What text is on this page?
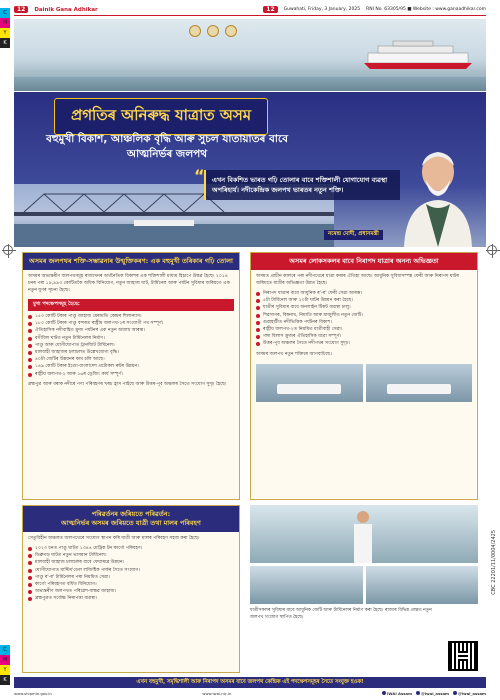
C
M
Y
K
C
M
Y
K
12	Dainik Gana Adhikar	12	Guwahati, Friday, 3 January, 2025 RNI No. 63305/95 ■ Website : www.ganaadhikar.com
প্ৰগতিৰ অনিৰুদ্ধ যাত্ৰাত অসম
বহুমুখী বিকাশ, আঞ্চলিক বৃদ্ধি আৰু সুচল যাতায়াতৰ বাবে আত্মনিৰ্ভৰ জলপথ
“ এখন বিকশিত ভাৰত গঢ়ি তোলাৰ বাবে শক্তিশালী যোগাযোগ ব্যৱস্থা অপৰিহাৰ্য। নদীকেন্দ্ৰিক জলপথ ভাৰতৰ নতুন শক্তি।

নৰেন্দ্ৰ মোদী, প্ৰধানমন্ত্ৰী
অসমৰ জলপথৰ শক্তি-সম্ভাৱনাৰ উন্মুক্তিকৰণ: এক বহুমুখী তৰিকাৰ গঢ়ি তোলা
অসমৰ অভ্যন্তৰীণ জলপথসমূহ ৰাজ্যখনৰ অৰ্থনৈতিক বিকাশৰ এক শক্তিশালী মাধ্যম হিচাপে উদ্ভৱ হৈছে। ২০১৪ চনৰ পৰা ১৯,৯৯৩ কোটিতকৈ অধিক বিনিয়োগ, নতুন জাহাজ ঘাট, টাৰ্মিনেল আৰু পৰ্যটন সুবিধাৰ জৰিয়তে এক নতুন যুগৰ সূচনা হৈছে।
মুখ্য পদক্ষেপসমূহ হৈছে:
১৫৩ কোটি টকাৰ পাণ্ডু জাহাজ মেৰামতি কেন্দ্ৰৰ শিলান্যাস।
১৮০ কোটি টকাৰ পাণ্ডু বন্দৰত ৰাষ্ট্ৰীয় জলপথ-২ৰ সংযোগী পথ সম্পূৰ্ণ।
ঐতিহাসিক নদীবাহিত ক্ৰুজ পৰ্যটনৰ এক নতুন অধ্যায় আৰম্ভ।
বগীবিল ঘাটত নতুন টাৰ্মিনেলৰ নিৰ্মাণ।
পাণ্ডু আৰু যোগীঘোপাত ট্ৰানজিট টাৰ্মিনেল।
মালবাহী জাহাজৰ চলাচলত উল্লেখযোগ্য বৃদ্ধি।
৪০টা জেটিৰ উন্নয়নৰ কাম চলি আছে।
১৪৯ কোটি টকাৰ ইণ্ডো-বাংলাদেশ প্ৰটোকল ৰুটৰ উন্নয়ন।
ৰাষ্ট্ৰীয় জলপথ-২ আৰু ১৬ৰ ড্ৰেজিং কাৰ্য সম্পূৰ্ণ।
ব্ৰহ্মপুত্ৰ আৰু বৰাক নদীৰে পণ্য পৰিবহণৰ খৰচ হ্ৰাস পাইছে আৰু উত্তৰ-পূব অঞ্চলৰ সৈতে সংযোগ সুদৃঢ় হৈছে।
অসমৰ লোকসকলৰ বাবে নিৰাপদ যাত্ৰাৰ অনন্য অভিজ্ঞতা
অসমত প্ৰাচীন কালৰে পৰা নদীপথেৰে যাত্ৰা কৰাৰ ঐতিহ্য আছে। আধুনিক সুবিধাসম্পন্ন ফেৰী আৰু নিৰাপদ ঘাটৰ জৰিয়তে যাত্ৰীৰ অভিজ্ঞতা উন্নত হৈছে।
নিৰাপদ যাত্ৰাৰ বাবে আধুনিক ৰ'-ৰ' ফেৰী সেৱা আৰম্ভ।
৫টা টাৰ্মিনেল আৰু ২০টা ঘাটৰ উন্নয়ন কৰা হৈছে।
যাত্ৰীৰ সুবিধাৰ বাবে অনলাইন টিকট ব্যৱস্থা চালু।
শিৱসাগৰ, বিশ্বনাথ, নিমাতি আৰু মাজুলীত নতুন জেটি।
গুৱাহাটীত নদীভিত্তিক পৰ্যটনৰ বিকাশ।
ৰাষ্ট্ৰীয় জলপথ-২ত নিয়মিত যাত্ৰীবাহী সেৱা।
গঙ্গা বিলাস ক্ৰুজৰ ঐতিহাসিক যাত্ৰা সম্পূৰ্ণ।
উত্তৰ-পূব অঞ্চলৰ সৈতে নদীপথৰ সংযোগ সুদৃঢ়।
অসমৰ জলপথ নতুন শক্তিৰে আগবাঢ়িছে।
পৰিৱৰ্তনৰ জৰিয়তে পৰিৱৰ্তন:
আত্মনিৰ্ভৰ অসমৰ জৰিয়তে যাত্ৰী তথা মালৰ পৰিবহণ
সেতুবিহীন অঞ্চলত জলপথেৰে সংযোগ স্থাপন কৰি যাত্ৰী আৰু মালৰ পৰিবহণ সহজ কৰা হৈছে।
২০২৩ চনত পাণ্ডু ঘাটত ১৩৪৪ মেট্ৰিক টন কাৰ্গো পৰিবহণ।
ডিব্ৰুগড় ঘাটত নতুন ভাসমান টাৰ্মিনেল।
মালবাহী জাহাজ চলাচলৰ বাবে ফেয়াৰৱে উন্নয়ন।
যোগীঘোপাত মাল্টিম'ডেল লজিষ্টিক পাৰ্কৰ সৈতে সংযোগ।
পাণ্ডু ৰ'-ৰ' টাৰ্মিনেলৰ পৰা নিয়মিত সেৱা।
কাৰ্গো পৰিবহণত বৰ্ধিত বিনিয়োগ।
অভ্যন্তৰীণ জলপথত পৰিৱেশ-বান্ধৱ জাহাজ।
ব্ৰহ্মপুত্ৰত সৰ্বোচ্চ নিৰাপত্তা ব্যৱস্থা।
যাত্ৰীসকলৰ সুবিধাৰ বাবে আধুনিক জেটি আৰু টাৰ্মিনেলৰ নিৰ্মাণ কৰা হৈছে। ৰাজ্যৰ বিভিন্ন প্ৰান্তত নতুন জলপথ সংযোগ স্থাপিত হৈছে।
CBC 22201/11/0004/2425
এখন বহুমুখী, সমৃদ্ধিশালী আৰু নিৰাপদ অসমৰ বাবে জলপথ কেন্দ্ৰিক এই পদক্ষেপসমূহৰ সৈতে সংযুক্ত হওক!
www.shipmin.gov.in	www.iwai.nic.in	IWAI Assam @iwai_assam @iwai_assam
